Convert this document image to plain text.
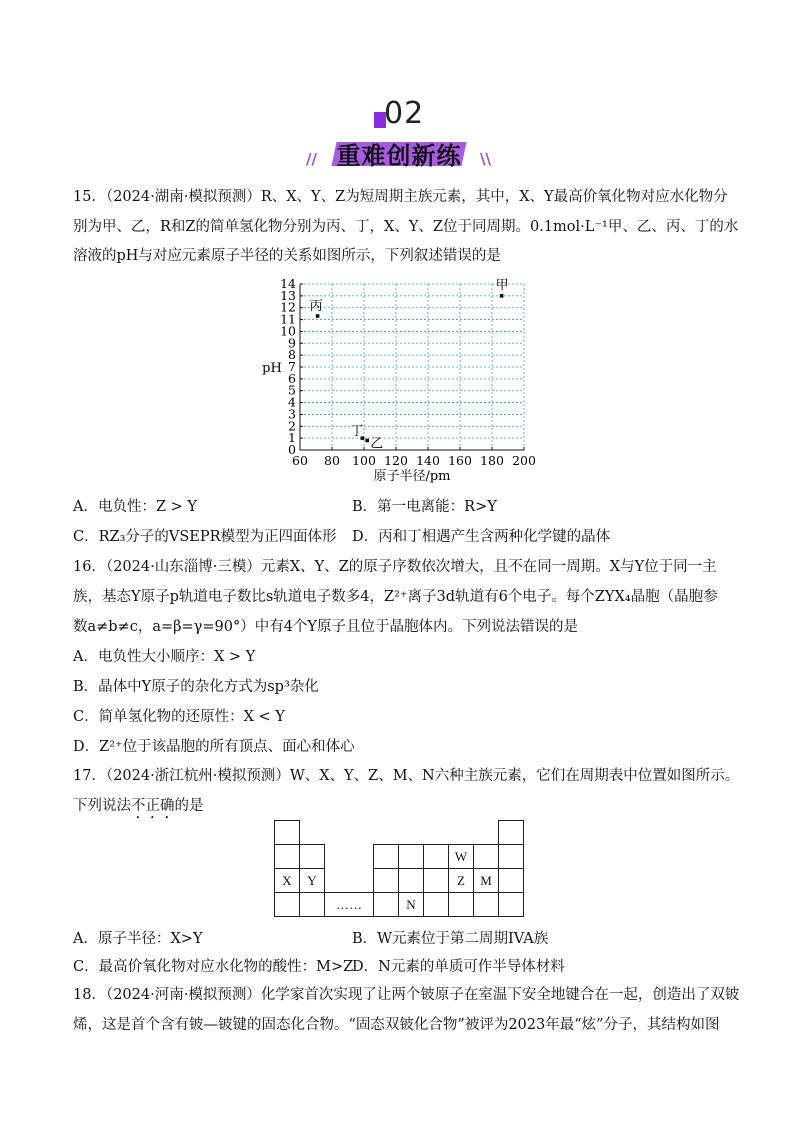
02
// 重难创新练	\\
15．（2024·湖南·模拟预测）R、X、Y、Z为短周期主族元素，其中，X、Y最高价氧化物对应水化物分
别为甲、乙，R和Z的简单氢化物分别为丙、丁，X、Y、Z位于同周期。0.1mol·L⁻¹甲、乙、丙、丁的水
溶液的pH与对应元素原子半径的关系如图所示，下列叙述错误的是
60 80 100 120 140 160 180 200
0
1
2
3
4
5
6
7
8
9
10
11
12
13
14
丙
甲
丁
乙
原子半径/pm
pH
A．电负性：Z > Y	B．第一电离能：R>Y
C．RZ₃分子的VSEPR模型为正四面体形 D．丙和丁相遇产生含两种化学键的晶体
16．（2024·山东淄博·三模）元素X、Y、Z的原子序数依次增大，且不在同一周期。X与Y位于同一主
族，基态Y原子p轨道电子数比s轨道电子数多4，Z²⁺离子3d轨道有6个电子。每个ZYX₄晶胞（晶胞参
数a≠b≠c，a=β=γ=90°）中有4个Y原子且位于晶胞体内。下列说法错误的是
A．电负性大小顺序：X > Y
B．晶体中Y原子的杂化方式为sp³杂化
C．简单氢化物的还原性：X < Y
D．Z²⁺位于该晶胞的所有顶点、面心和体心
17．（2024·浙江杭州·模拟预测）W、X、Y、Z、M、N六种主族元素，它们在周期表中位置如图所示。
下列说法不正确的是

							W		
X	Y						Z	M	
		……			N				
A．原子半径：X>Y	B．W元素位于第二周期IVA族
C．最高价氧化物对应水化物的酸性：M>Z
D．N元素的单质可作半导体材料
18．（2024·河南·模拟预测）化学家首次实现了让两个铍原子在室温下安全地键合在一起，创造出了双铍
烯，这是首个含有铍—铍键的固态化合物。“固态双铍化合物”被评为2023年最“炫”分子，其结构如图
